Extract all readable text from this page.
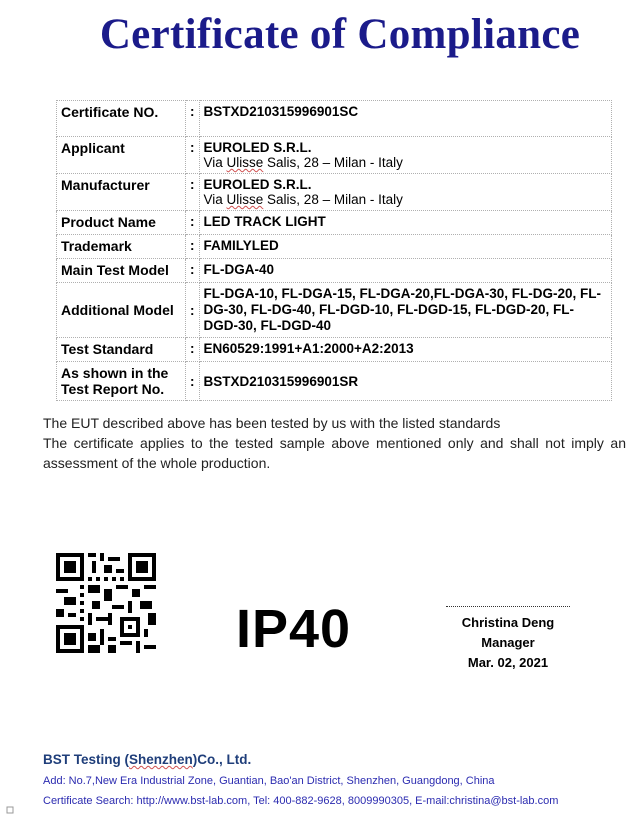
Certificate of Compliance
Certificate NO.	:	BSTXD210315996901SC
Applicant	:	EUROLED S.R.L.
Via Ulisse Salis, 28 – Milan - Italy

Manufacturer	:	EUROLED S.R.L.
Via Ulisse Salis, 28 – Milan - Italy

Product Name	:	LED TRACK LIGHT
Trademark	:	FAMILYLED
Main Test Model	:	FL-DGA-40
Additional Model	:	FL-DGA-10, FL-DGA-15, FL-DGA-20,FL-DGA-30, FL-DG-20, FL-DG-30, FL-DG-40, FL-DGD-10, FL-DGD-15, FL-DGD-20, FL-DGD-30, FL-DGD-40
Test Standard	:	EN60529:1991+A1:2000+A2:2013
As shown in the Test Report No.	:	BSTXD210315996901SR
The EUT described above has been tested by us with the listed standards
The certificate applies to the tested sample above mentioned only and shall not imply an assessment of the whole production.
IP40	Christina Deng
Manager
Mar. 02, 2021
BST Testing (Shenzhen)Co., Ltd.
Add: No.7,New Era Industrial Zone, Guantian, Bao'an District, Shenzhen, Guangdong, China
Certificate Search: http://www.bst-lab.com, Tel: 400-882-9628, 8009990305, E-mail:christina@bst-lab.com
